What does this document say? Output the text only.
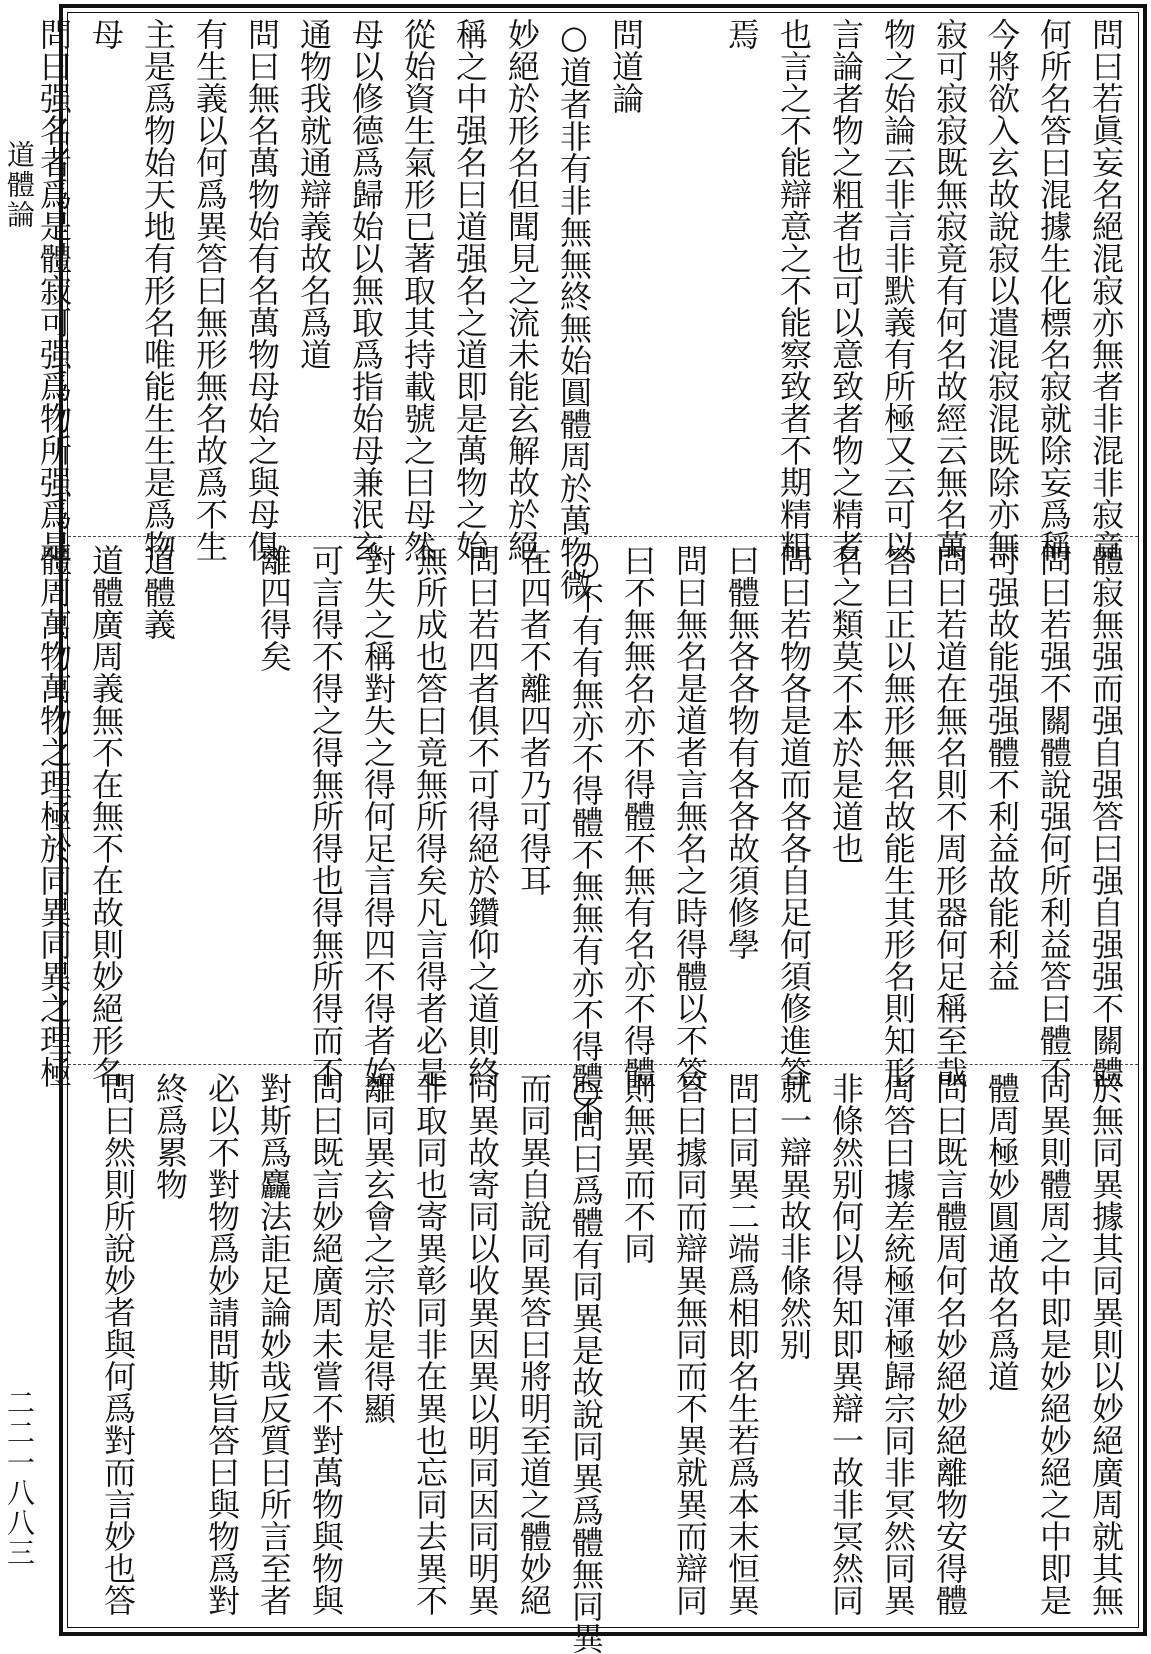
道體論
二二一八八三
問曰若眞妄名絕混寂亦無者非混非寂竟
何所名答曰混據生化標名寂就除妄爲稱
今將欲入玄故說寂以遣混寂混既除亦無
寂可寂寂既無寂竟有何名故經云無名萬
物之始論云非言非默義有所極又云可以
言論者物之粗者也可以意致者物之精者
也言之不能辯意之不能察致者不期精粗
焉
問道論
○道者非有非無無終無始圓體周於萬物微
妙絕於形名但聞見之流未能玄解故於絕
稱之中强名曰道强名之道即是萬物之始
從始資生氣形已著取其持載號之曰母然
母以修德爲歸始以無取爲指始母兼泯玄
通物我就通辯義故名爲道
問曰無名萬物始有名萬物母始之與母俱
有生義以何爲異答曰無形無名故爲不生
主是爲物始天地有形名唯能生生是爲物
母
問曰强名者爲是體寂可强爲物所强爲是
體寂無强而强自强答曰强自强强不關體
問曰若强不關體說强何所利益答曰體不
可强故能强强體不利益故能利益
問曰若道在無名則不周形器何足稱至哉
答曰正以無形無名故能生其形名則知形
名之類莫不本於是道也
問曰若物各是道而各各自足何須修進答
曰體無各各物有各各故須修學
問曰無名是道者言無名之時得體以不答
曰不無無名亦不得體不無有名亦不得體
○不有有無亦不得體不無無有亦不得體不
在四者不離四者乃可得耳
問曰若四者俱不可得絕於鑽仰之道則終
無所成也答曰竟無所得矣凡言得者必是
對失之稱對失之得何足言得四不得者始
可言得不得之得無所得也得無所得而不
離四得矣
道體義
道體廣周義無不在無不在故則妙絕形名
體周萬物萬物之理極於同異同異之理極
於無同異據其同異則以妙絕廣周就其無
同異則體周之中即是妙絕妙絕之中即是
體周極妙圓通故名爲道
問曰既言體周何名妙絕妙絕離物安得體
周答曰據差統極渾極歸宗同非冥然同異
非條然别何以得知即異辯一故非冥然同
就一辯異故非條然别
問曰同異二端爲相即名生若爲本末恒異
答曰據同而辯異無同而不異就異而辯同
則無異而不同
○問曰爲體有同異是故說同異爲體無同異
而同異自說同異答曰將明至道之體妙絕
同異故寄同以收異因異以明同因同明異
非取同也寄異彰同非在異也忘同去異不
離同異玄會之宗於是得顯
問曰既言妙絕廣周未嘗不對萬物與物與
對斯爲麤法詎足論妙哉反質曰所言至者
必以不對物爲妙請問斯旨答曰與物爲對
終爲累物
問曰然則所說妙者與何爲對而言妙也答
